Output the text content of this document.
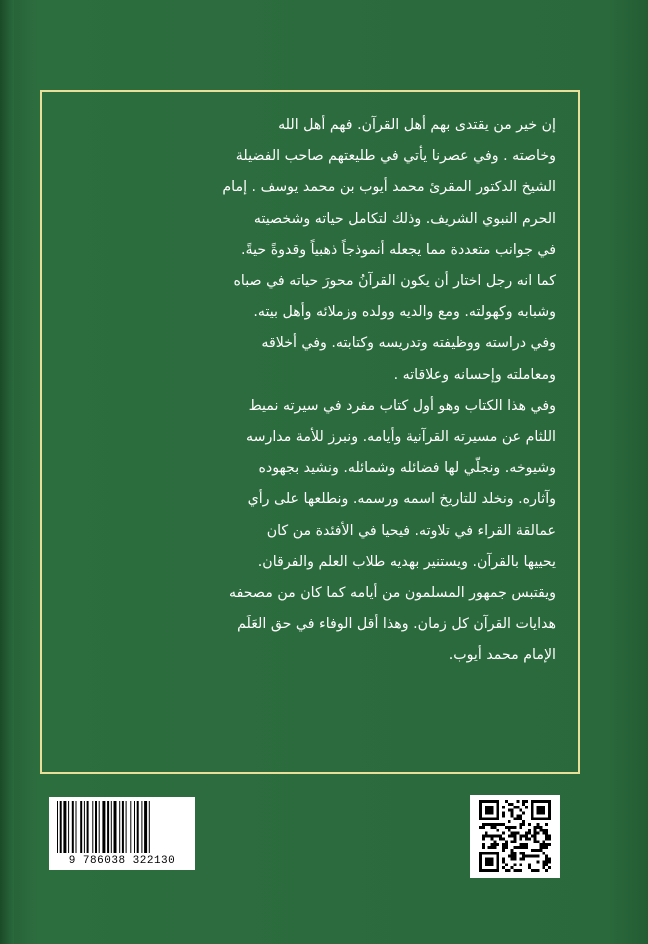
إن خير من يقتدى بهم أهل القرآن. فهم أهل الله
وخاصته . وفي عصرنا يأتي في طليعتهم صاحب الفضيلة
الشيخ الدكتور المقرئ محمد أيوب بن محمد يوسف . إمام
الحرم النبوي الشريف. وذلك لتكامل حياته وشخصيته
في جوانب متعددة مما يجعله أنموذجاً ذهبياً وقدوةً حيةً.
كما انه رجل اختار أن يكون القرآنُ محورَ حياته في صباه
وشبابه وكهولته. ومع والديه وولده وزملائه وأهل بيته.
وفي دراسته ووظيفته وتدريسه وكتابته. وفي أخلاقه
ومعاملته وإحسانه وعلاقاته .
وفي هذا الكتاب وهو أول كتاب مفرد في سيرته نميط
اللثام عن مسيرته القرآنية وأيامه. ونبرز للأمة مدارسه
وشيوخه. ونجلّي لها فضائله وشمائله. ونشيد بجهوده
وآثاره. ونخلد للتاريخ اسمه ورسمه. ونطلعها على رأي
عمالقة القراء في تلاوته. فيحيا في الأفئدة من كان
يحييها بالقرآن. ويستنير بهديه طلاب العلم والفرقان.
ويقتبس جمهور المسلمون من أيامه كما كان من مصحفه
هدايات القرآن كل زمان. وهذا أقل الوفاء في حق العَلَم
الإمام محمد أيوب.
9 786038 322130
